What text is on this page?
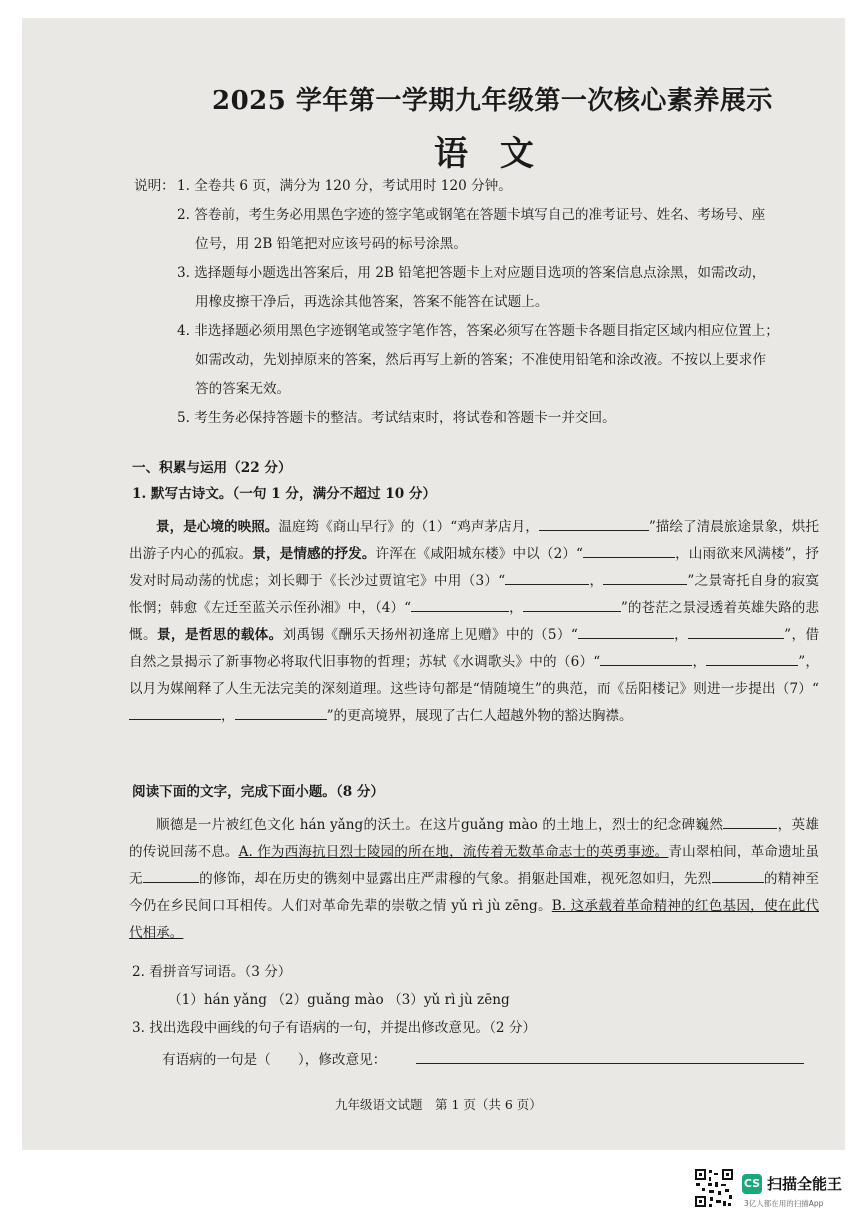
2025 学年第一学期九年级第一次核心素养展示
语 文
说明： 1. 全卷共 6 页，满分为 120 分，考试用时 120 分钟。
2. 答卷前，考生务必用黑色字迹的签字笔或钢笔在答题卡填写自己的准考证号、姓名、考场号、座
位号，用 2B 铅笔把对应该号码的标号涂黑。
3. 选择题每小题选出答案后，用 2B 铅笔把答题卡上对应题目选项的答案信息点涂黑，如需改动，
用橡皮擦干净后，再选涂其他答案，答案不能答在试题上。
4. 非选择题必须用黑色字迹钢笔或签字笔作答，答案必须写在答题卡各题目指定区域内相应位置上；
如需改动，先划掉原来的答案，然后再写上新的答案；不准使用铅笔和涂改液。不按以上要求作
答的答案无效。
5. 考生务必保持答题卡的整洁。考试结束时，将试卷和答题卡一并交回。
一、积累与运用（22 分）
1. 默写古诗文。（一句 1 分，满分不超过 10 分）
景，是心境的映照。温庭筠《商山早行》的（1）“鸡声茅店月，	”描绘了清晨旅途景象，烘托出游子内心的孤寂。景，是情感的抒发。许浑在《咸阳城东楼》中以（2）“	，山雨欲来风满楼”，抒发对时局动荡的忧虑；刘长卿于《长沙过贾谊宅》中用（3）“	，	”之景寄托自身的寂寞怅惘；韩愈《左迁至蓝关示侄孙湘》中，（4）“	，	”的苍茫之景浸透着英雄失路的悲慨。景，是哲思的载体。刘禹锡《酬乐天扬州初逢席上见赠》中的（5）“	，	”，借自然之景揭示了新事物必将取代旧事物的哲理；苏轼《水调歌头》中的（6）“	，	”，以月为媒阐释了人生无法完美的深刻道理。这些诗句都是“情随境生”的典范，而《岳阳楼记》则进一步提出（7）“，	”的更高境界，展现了古仁人超越外物的豁达胸襟。
阅读下面的文字，完成下面小题。（8 分）
顺德是一片被红色文化 hán yǎng的沃土。在这片guǎng mào 的土地上，烈士的纪念碑巍然	，英雄的传说回荡不息。A. 作为西海抗日烈士陵园的所在地，流传着无数革命志士的英勇事迹。青山翠柏间，革命遗址虽无	的修饰，却在历史的镌刻中显露出庄严肃穆的气象。捐躯赴国难，视死忽如归，先烈	的精神至今仍在乡民间口耳相传。人们对革命先辈的崇敬之情 yǔ rì jù zēng。B. 这承载着革命精神的红色基因，使在此代代相承。
2. 看拼音写词语。（3 分）
（1）hán yǎng （2）guǎng mào （3）yǔ rì jù zēng
3. 找出选段中画线的句子有语病的一句，并提出修改意见。（2 分）
有语病的一句是（　　），修改意见：
九年级语文试题　第 1 页（共 6 页）
CS 扫描全能王
3亿人都在用的扫描App
